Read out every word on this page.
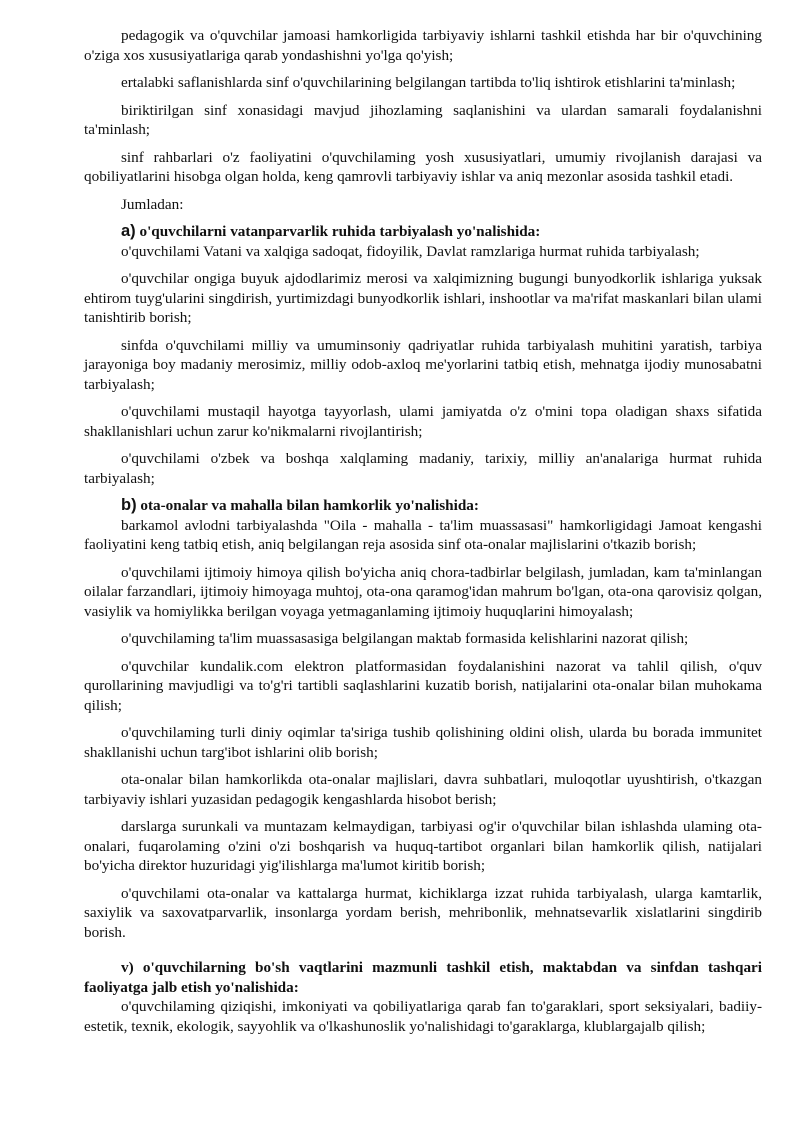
pedagogik va o'quvchilar jamoasi hamkorligida tarbiyaviy ishlarni tashkil etishda har bir o'quvchining o'ziga xos xususiyatlariga qarab yondashishni yo'lga qo'yish;

ertalabki saflanishlarda sinf o'quvchilarining belgilangan tartibda to'liq ishtirok etishlarini ta'minlash;

biriktirilgan sinf xonasidagi mavjud jihozlaming saqlanishini va ulardan samarali foydalanishni ta'minlash;

sinf rahbarlari o'z faoliyatini o'quvchilaming yosh xususiyatlari, umumiy rivojlanish darajasi va qobiliyatlarini hisobga olgan holda, keng qamrovli tarbiyaviy ishlar va aniq mezonlar asosida tashkil etadi.

Jumladan:

a) o'quvchilarni vatanparvarlik ruhida tarbiyalash yo'nalishida:

o'quvchilami Vatani va xalqiga sadoqat, fidoyilik, Davlat ramzlariga hurmat ruhida tarbiyalash;

o'quvchilar ongiga buyuk ajdodlarimiz merosi va xalqimizning bugungi bunyodkorlik ishlariga yuksak ehtirom tuyg'ularini singdirish, yurtimizdagi bunyodkorlik ishlari, inshootlar va ma'rifat maskanlari bilan ulami tanishtirib borish;

sinfda o'quvchilami milliy va umuminsoniy qadriyatlar ruhida tarbiyalash muhitini yaratish, tarbiya jarayoniga boy madaniy merosimiz, milliy odob-axloq me'yorlarini tatbiq etish, mehnatga ijodiy munosabatni tarbiyalash;

o'quvchilami mustaqil hayotga tayyorlash, ulami jamiyatda o'z o'mini topa oladigan shaxs sifatida shakllanishlari uchun zarur ko'nikmalarni rivojlantirish;

o'quvchilami o'zbek va boshqa xalqlaming madaniy, tarixiy, milliy an'analariga hurmat ruhida tarbiyalash;

b) ota-onalar va mahalla bilan hamkorlik yo'nalishida:

barkamol avlodni tarbiyalashda "Oila - mahalla - ta'lim muassasasi" hamkorligidagi Jamoat kengashi faoliyatini keng tatbiq etish, aniq belgilangan reja asosida sinf ota-onalar majlislarini o'tkazib borish;

o'quvchilami ijtimoiy himoya qilish bo'yicha aniq chora-tadbirlar belgilash, jumladan, kam ta'minlangan oilalar farzandlari, ijtimoiy himoyaga muhtoj, ota-ona qaramog'idan mahrum bo'lgan, ota-ona qarovisiz qolgan, vasiylik va homiylikka berilgan voyaga yetmaganlaming ijtimoiy huquqlarini himoyalash;

o'quvchilaming ta'lim muassasasiga belgilangan maktab formasida kelishlarini nazorat qilish;

o'quvchilar kundalik.com elektron platformasidan foydalanishini nazorat va tahlil qilish, o'quv qurollarining mavjudligi va to'g'ri tartibli saqlashlarini kuzatib borish, natijalarini ota-onalar bilan muhokama qilish;

o'quvchilaming turli diniy oqimlar ta'siriga tushib qolishining oldini olish, ularda bu borada immunitet shakllanishi uchun targ'ibot ishlarini olib borish;

ota-onalar bilan hamkorlikda ota-onalar majlislari, davra suhbatlari, muloqotlar uyushtirish, o'tkazgan tarbiyaviy ishlari yuzasidan pedagogik kengashlarda hisobot berish;

darslarga surunkali va muntazam kelmaydigan, tarbiyasi og'ir o'quvchilar bilan ishlashda ulaming ota-onalari, fuqarolaming o'zini o'zi boshqarish va huquq-tartibot organlari bilan hamkorlik qilish, natijalari bo'yicha direktor huzuridagi yig'ilishlarga ma'lumot kiritib borish;

o'quvchilami ota-onalar va kattalarga hurmat, kichiklarga izzat ruhida tarbiyalash, ularga kamtarlik, saxiylik va saxovatparvarlik, insonlarga yordam berish, mehribonlik, mehnatsevarlik xislatlarini singdirib borish.

v) o'quvchilarning bo'sh vaqtlarini mazmunli tashkil etish, maktabdan va sinfdan tashqari faoliyatga jalb etish yo'nalishida:

o'quvchilaming qiziqishi, imkoniyati va qobiliyatlariga qarab fan to'garaklari, sport seksiyalari, badiiy-estetik, texnik, ekologik, sayyohlik va o'lkashunoslik yo'nalishidagi to'garaklarga, klublargajalb qilish;
